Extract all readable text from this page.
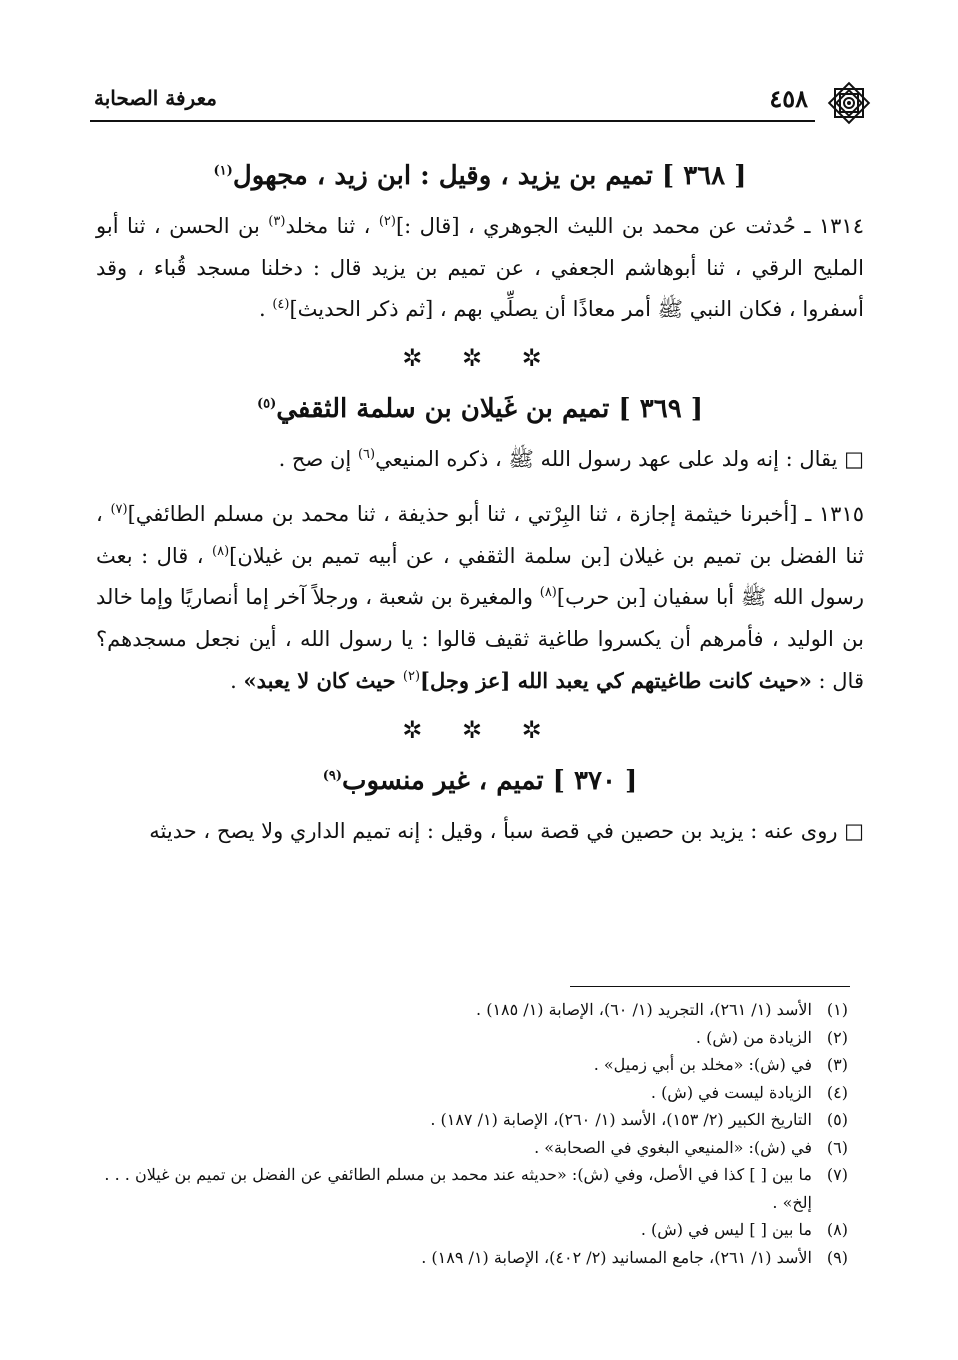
٤٥٨
معرفة الصحابة
[ ٣٦٨ ] تميم بن يزيد ، وقيل : ابن زيد ، مجهول$^{(١)}$

١٣١٤ ـ حُدثت عن محمد بن الليث الجوهري ، [قال :]$^{(٢)}$ ، ثنا مخلد$^{(٣)}$ بن الحسن ، ثنا أبو المليح الرقي ، ثنا أبوهاشم الجعفي ، عن تميم بن يزيد قال : دخلنا مسجد قُباء ، وقد أسفروا ، فكان النبي ﷺ أمر معاذًا أن يصلِّي بهم ، [ثم ذكر الحديث]$^{(٤)}$ .

✲ ✲ ✲
[ ٣٦٩ ] تميم بن غَيلان بن سلمة الثقفي$^{(٥)}$

□ يقال : إنه ولد على عهد رسول الله ﷺ ، ذكره المنيعي$^{(٦)}$ إن صح .

١٣١٥ ـ [أخبرنا خيثمة إجازة ، ثنا البِرْتي ، ثنا أبو حذيفة ، ثنا محمد بن مسلم الطائفي]$^{(٧)}$ ، ثنا الفضل بن تميم بن غيلان [بن سلمة الثقفي ، عن أبيه تميم بن غيلان]$^{(٨)}$ ، قال : بعث رسول الله ﷺ أبا سفيان [بن حرب]$^{(٨)}$ والمغيرة بن شعبة ، ورجلاً آخر إما أنصاريًا وإما خالد بن الوليد ، فأمرهم أن يكسروا طاغية ثقيف قالوا : يا رسول الله ، أين نجعل مسجدهم؟ قال : «حيث كانت طاغيتهم كي يعبد الله [عز وجل]$^{(٢)}$ حيث كان لا يعبد» .

✲ ✲ ✲
[ ٣٧٠ ] تميم ، غير منسوب$^{(٩)}$

□ روى عنه : يزيد بن حصين في قصة سبأ ، وقيل : إنه تميم الداري ولا يصح ، حديثه

(١)
الأسد (١/ ٢٦١)، التجريد (١/ ٦٠)، الإصابة (١/ ١٨٥) .
(٢)
الزيادة من (ش) .
(٣)
في (ش): «مخلد بن أبي زميل» .
(٤)
الزيادة ليست في (ش) .
(٥)
التاريخ الكبير (٢/ ١٥٣)، الأسد (١/ ٢٦٠)، الإصابة (١/ ١٨٧) .
(٦)
في (ش): «المنيعي البغوي في الصحابة» .
(٧)
ما بين [ ] كذا في الأصل، وفي (ش): «حديثه عند محمد بن مسلم الطائفي عن الفضل بن تميم بن غيلان . . . إلخ» .
(٨)
ما بين [ ] ليس في (ش) .
(٩)
الأسد (١/ ٢٦١)، جامع المسانيد (٢/ ٤٠٢)، الإصابة (١/ ١٨٩) .
